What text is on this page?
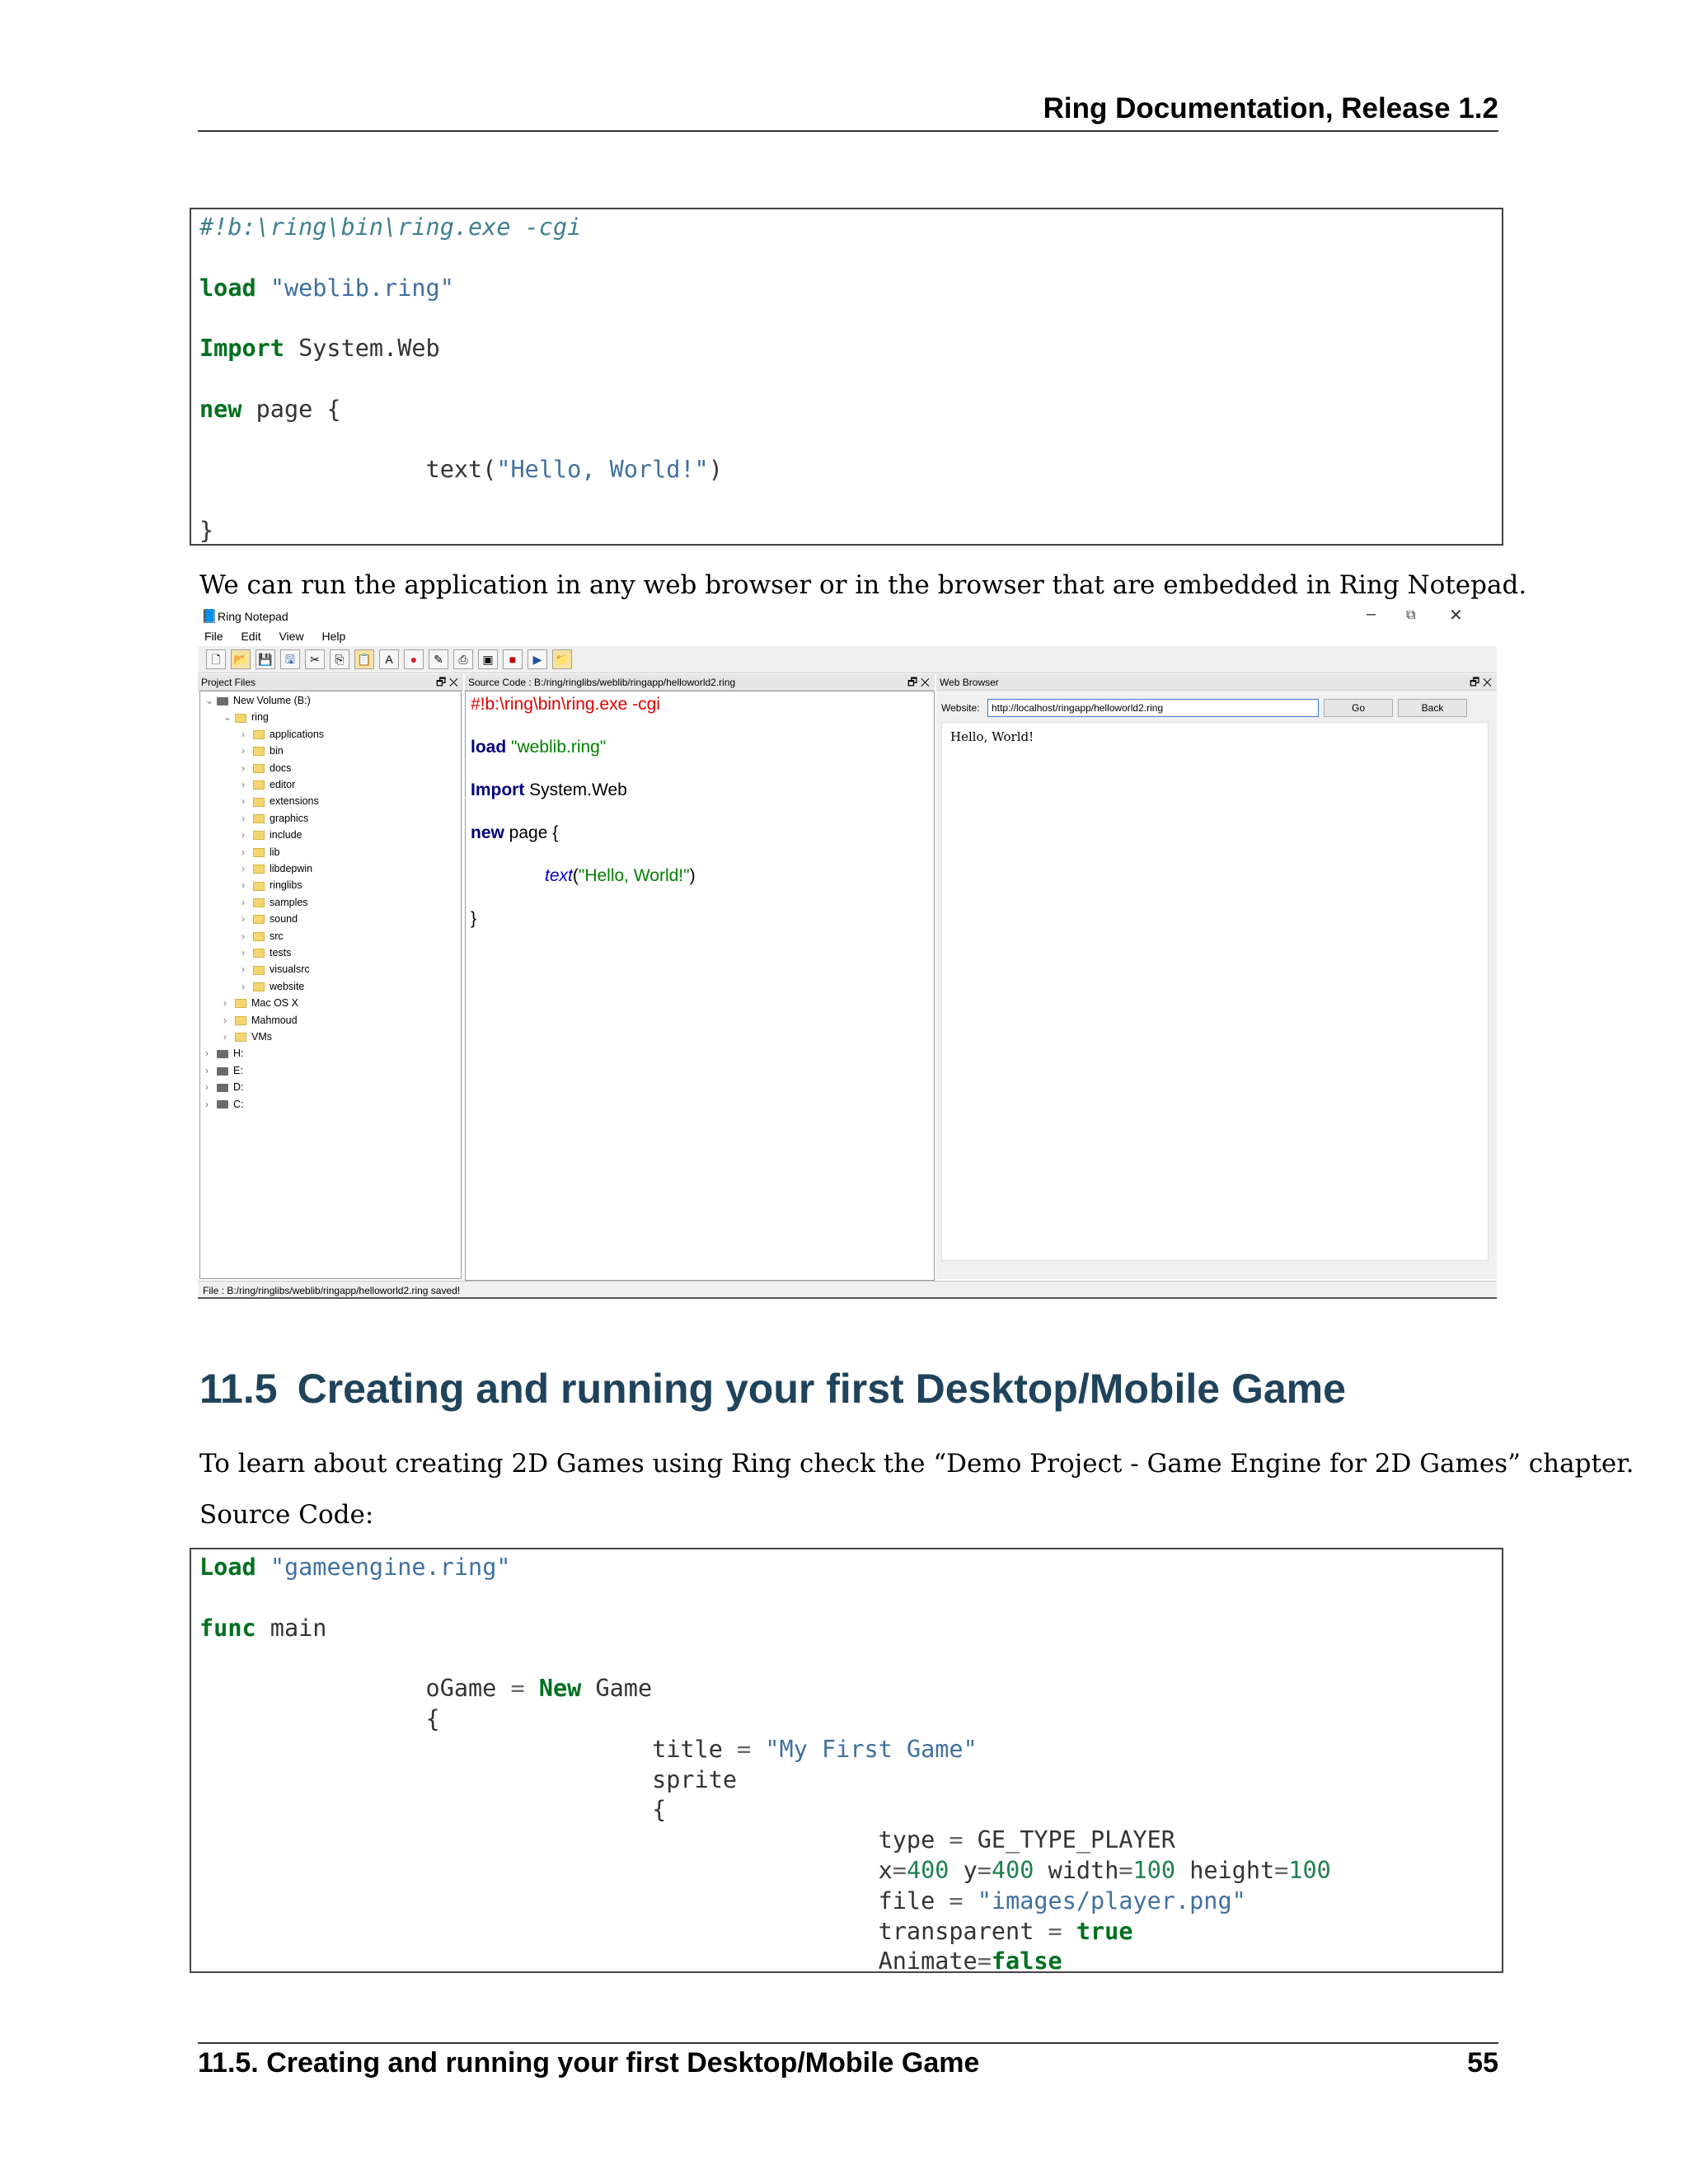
Ring Documentation, Release 1.2
#!b:\ring\bin\ring.exe -cgi

load "weblib.ring"

Import System.Web

new page {

		text("Hello, World!")

}
We can run the application in any web browser or in the browser that are embedded in Ring Notepad.
📘 Ring Notepad	– ⧉ ✕
File Edit View Help
🗋	📂 💾	🖫	✂	⎘	📋	A	●	✎	⎙	▣	■	▶	📁
Project Files	🗗 ✕
⌄ New Volume (B:)
⌄ ring
› applications
› bin
› docs
› editor
› extensions
› graphics
› include
› lib
› libdepwin
› ringlibs
› samples
› sound
› src
› tests
› visualsrc
› website
› Mac OS X
› Mahmoud
› VMs
› H:
› E:
› D:
› C:
Source Code : B:/ring/ringlibs/weblib/ringapp/helloworld2.ring	🗗 ✕
#!b:\ring\bin\ring.exe -cgi
load "weblib.ring"
Import System.Web
new page {
text("Hello, World!")
}
Web Browser	🗗 ✕
Website:	http://localhost/ringapp/helloworld2.ring	Go	Back
Hello, World!
File : B:/ring/ringlibs/weblib/ringapp/helloworld2.ring saved!
11.5 Creating and running your first Desktop/Mobile Game
To learn about creating 2D Games using Ring check the “Demo Project - Game Engine for 2D Games” chapter.
Source Code:
Load "gameengine.ring"

func main

		oGame = New Game
		{
				title = "My First Game"
				sprite
				{
						type = GE_TYPE_PLAYER
						x=400 y=400 width=100 height=100
						file = "images/player.png"
						transparent = true
						Animate=false
11.5. Creating and running your first Desktop/Mobile Game	55
